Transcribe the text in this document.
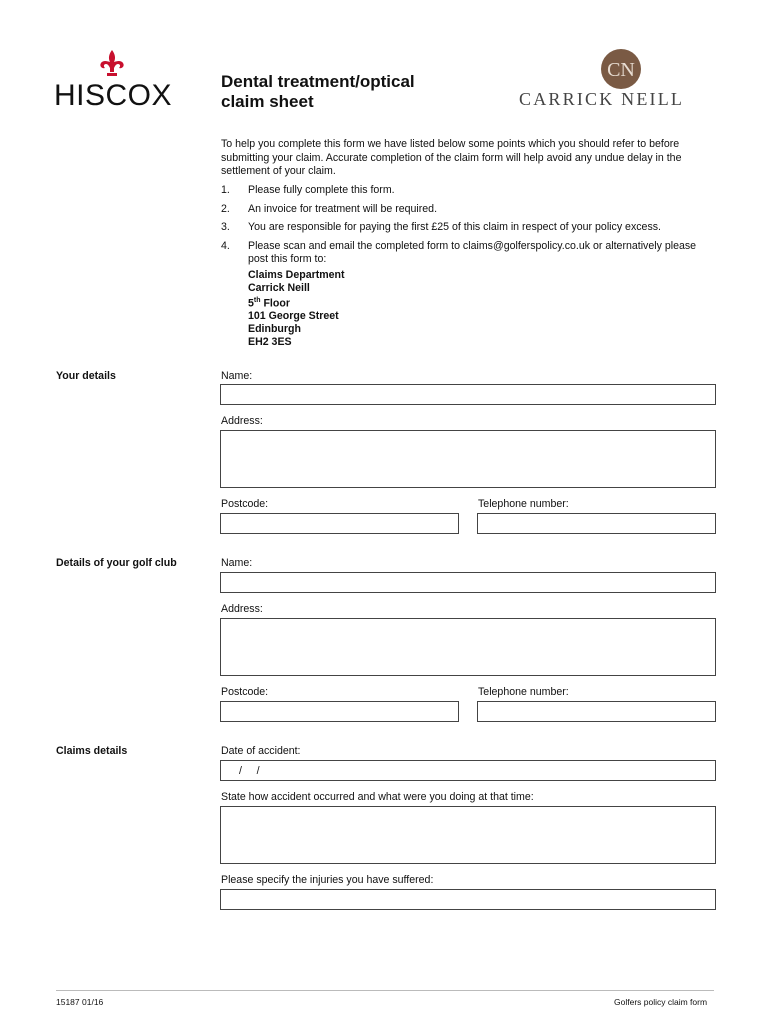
HISCOX
CN
CARRICK NEILL
Dental treatment/optical
claim sheet
To help you complete this form we have listed below some points which you should refer to before submitting your claim. Accurate completion of the claim form will help avoid any undue delay in the settlement of your claim.
1. Please fully complete this form.
2. An invoice for treatment will be required.
3. You are responsible for paying the first £25 of this claim in respect of your policy excess.
4. Please scan and email the completed form to claims@golferspolicy.co.uk or alternatively please post this form to:
Claims Department
Carrick Neill
5th Floor
101 George Street
Edinburgh
EH2 3ES
Your details	Name:
Address:
Postcode:	Telephone number:
Details of your golf club	Name:
Address:
Postcode:	Telephone number:
Claims details	Date of accident:
/     /
State how accident occurred and what were you doing at that time:
Please specify the injuries you have suffered:
15187 01/16	Golfers policy claim form
